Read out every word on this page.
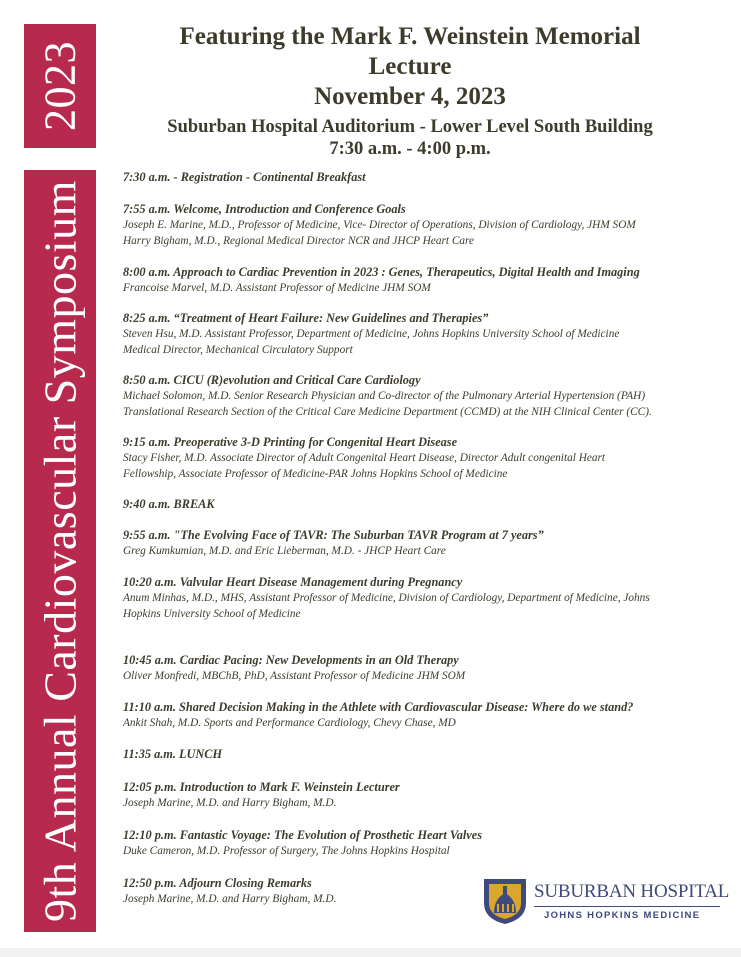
2023
9th Annual Cardiovascular Symposium
Featuring the Mark F. Weinstein Memorial
Lecture
November 4, 2023
Suburban Hospital Auditorium - Lower Level South Building
7:30 a.m. - 4:00 p.m.
7:30 a.m. - Registration - Continental Breakfast
7:55 a.m. Welcome, Introduction and Conference Goals
Joseph E. Marine, M.D., Professor of Medicine, Vice- Director of Operations, Division of Cardiology, JHM SOM
Harry Bigham, M.D., Regional Medical Director NCR and JHCP Heart Care
8:00 a.m. Approach to Cardiac Prevention in 2023 : Genes, Therapeutics, Digital Health and Imaging
Francoise Marvel, M.D. Assistant Professor of Medicine JHM SOM
8:25 a.m. “Treatment of Heart Failure: New Guidelines and Therapies”
Steven Hsu, M.D. Assistant Professor, Department of Medicine, Johns Hopkins University School of Medicine
Medical Director, Mechanical Circulatory Support
8:50 a.m. CICU (R)evolution and Critical Care Cardiology
Michael Solomon, M.D. Senior Research Physician and Co-director of the Pulmonary Arterial Hypertension (PAH)
Translational Research Section of the Critical Care Medicine Department (CCMD) at the NIH Clinical Center (CC).
9:15 a.m. Preoperative 3-D Printing for Congenital Heart Disease
Stacy Fisher, M.D. Associate Director of Adult Congenital Heart Disease, Director Adult congenital Heart
Fellowship, Associate Professor of Medicine-PAR Johns Hopkins School of Medicine
9:40 a.m. BREAK
9:55 a.m. "The Evolving Face of TAVR: The Suburban TAVR Program at 7 years”
Greg Kumkumian, M.D. and Eric Lieberman, M.D. - JHCP Heart Care
10:20 a.m. Valvular Heart Disease Management during Pregnancy
Anum Minhas, M.D., MHS, Assistant Professor of Medicine, Division of Cardiology, Department of Medicine, Johns
Hopkins University School of Medicine
10:45 a.m. Cardiac Pacing: New Developments in an Old Therapy
Oliver Monfredi, MBChB, PhD, Assistant Professor of Medicine JHM SOM
11:10 a.m. Shared Decision Making in the Athlete with Cardiovascular Disease: Where do we stand?
Ankit Shah, M.D. Sports and Performance Cardiology, Chevy Chase, MD
11:35 a.m. LUNCH
12:05 p.m. Introduction to Mark F. Weinstein Lecturer
Joseph Marine, M.D. and Harry Bigham, M.D.
12:10 p.m. Fantastic Voyage: The Evolution of Prosthetic Heart Valves
Duke Cameron, M.D. Professor of Surgery, The Johns Hopkins Hospital
12:50 p.m. Adjourn Closing Remarks
Joseph Marine, M.D. and Harry Bigham, M.D.	SUBURBAN HOSPITAL
JOHNS HOPKINS MEDICINE
